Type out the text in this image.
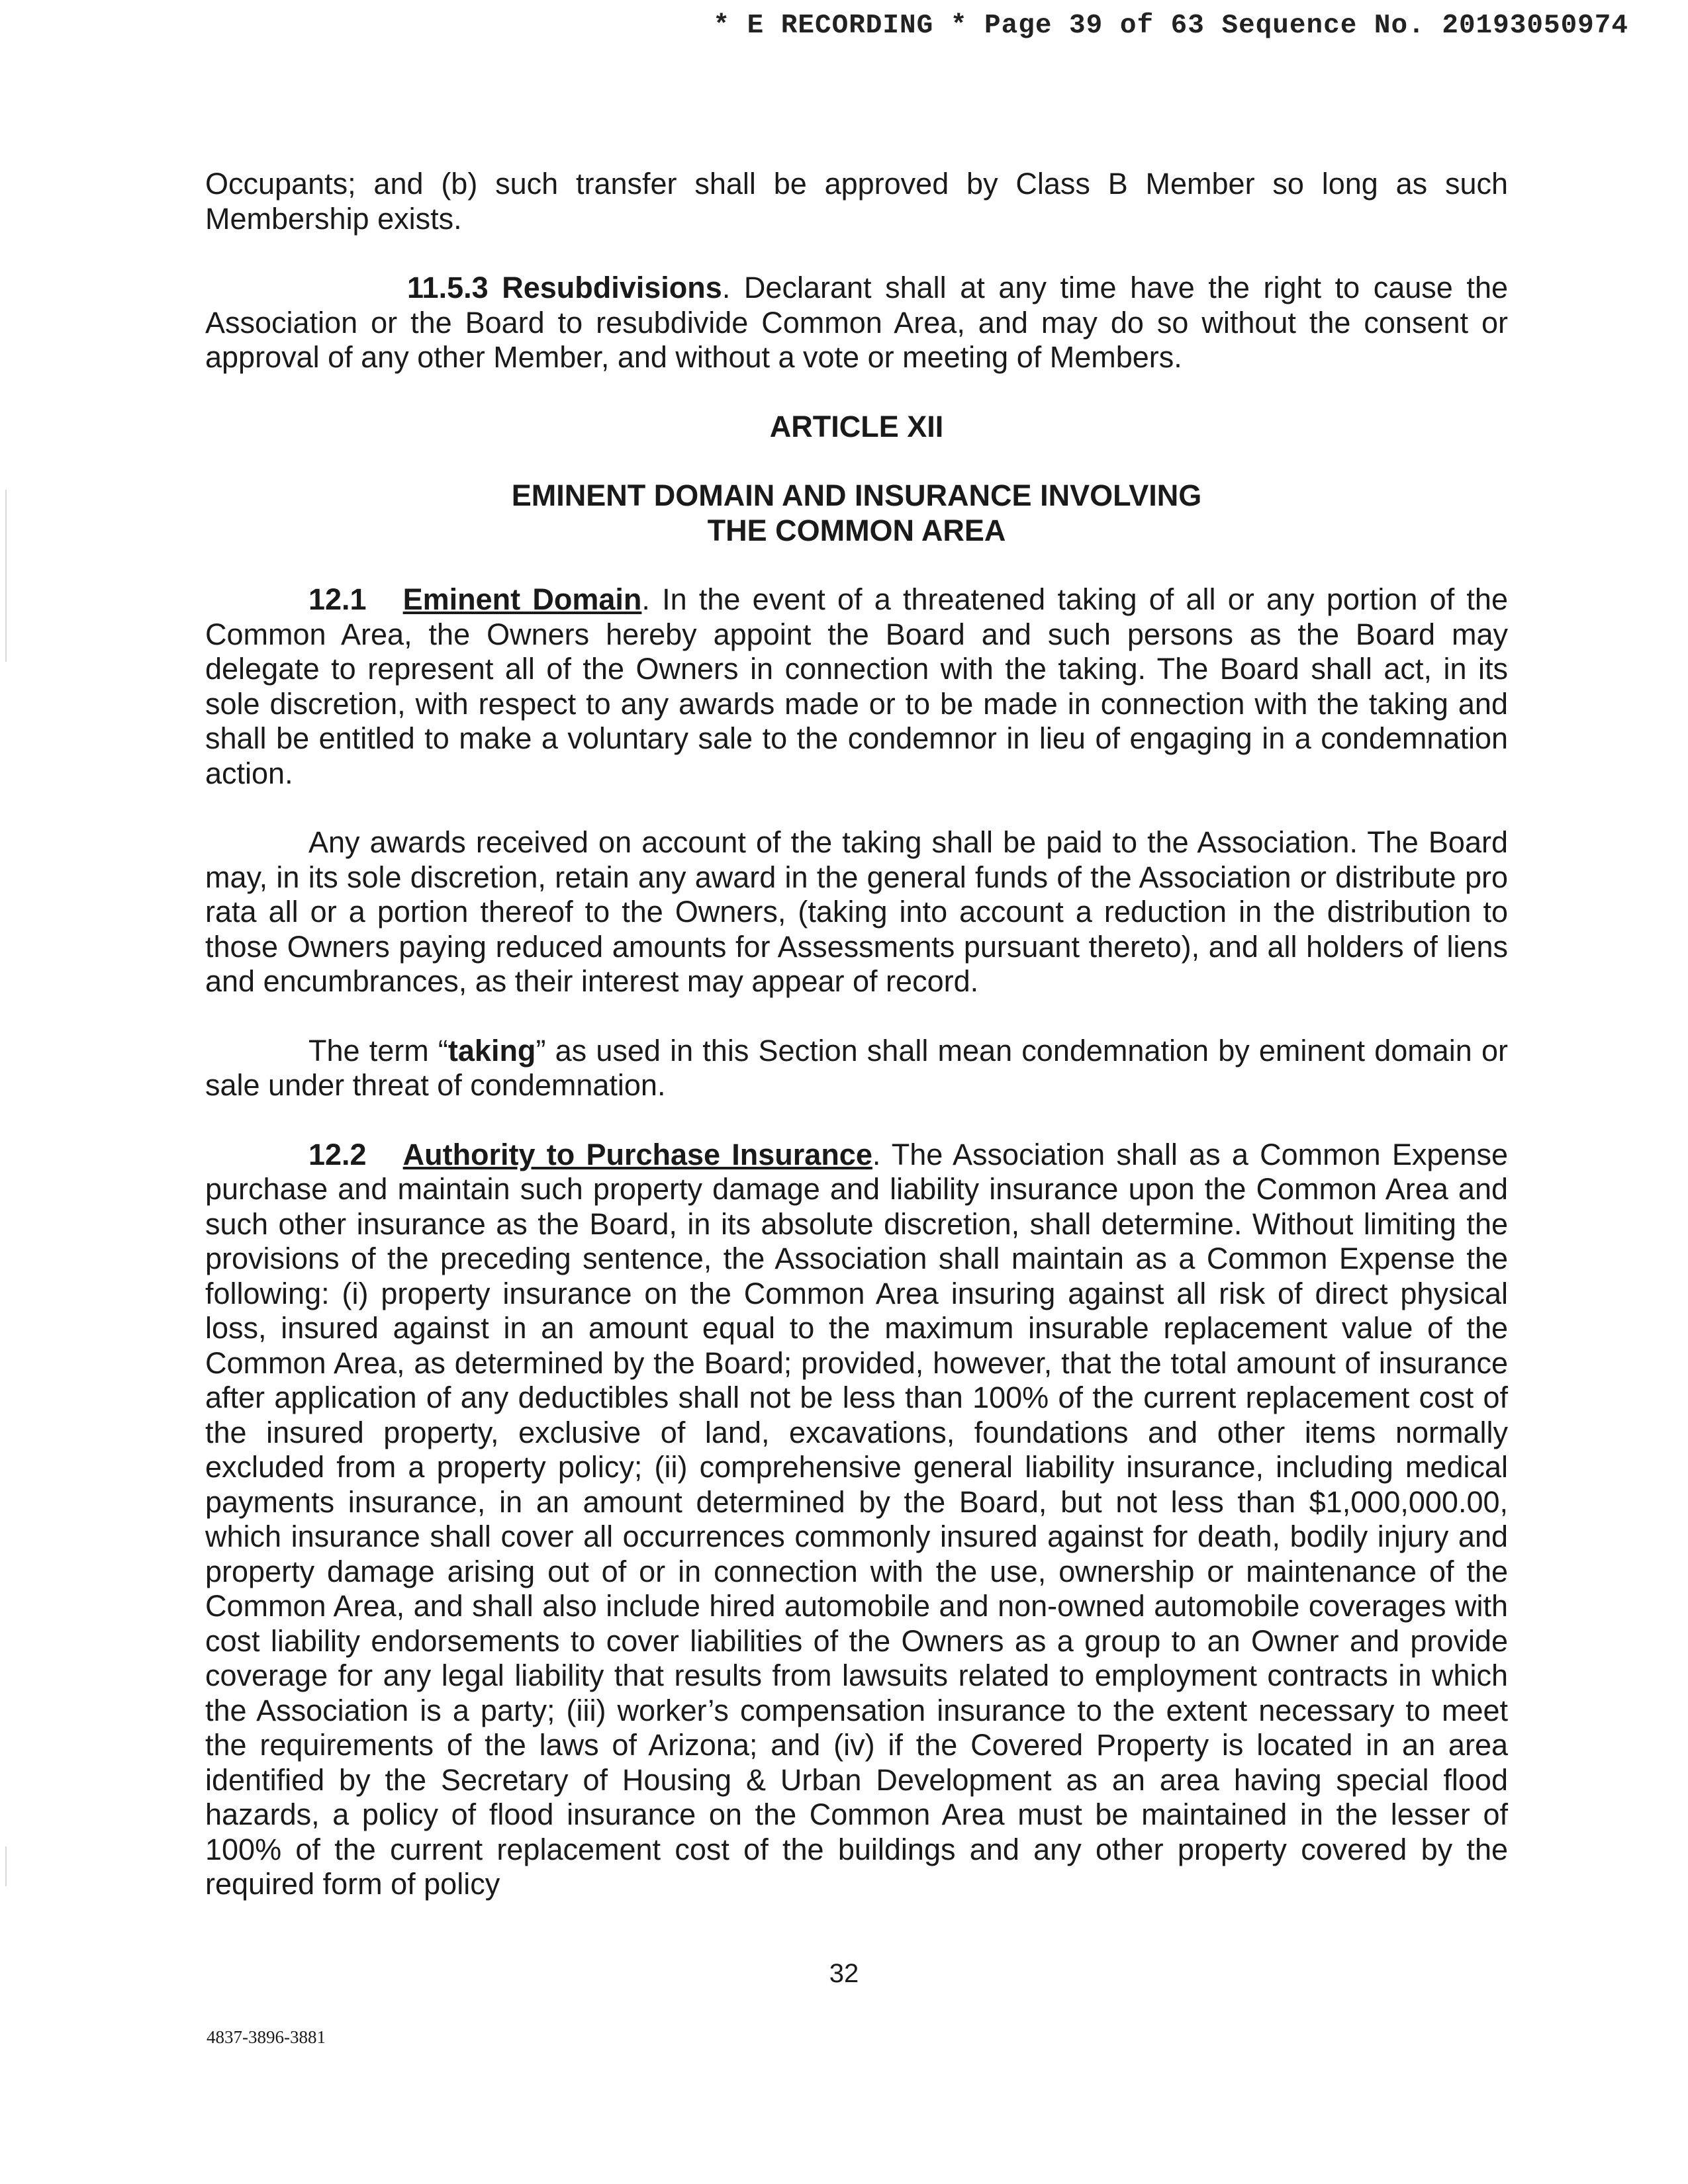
* E RECORDING * Page 39 of 63 Sequence No. 20193050974

Occupants; and (b) such transfer shall be approved by Class B Member so long as such Membership exists.

11.5.3 Resubdivisions. Declarant shall at any time have the right to cause the Association or the Board to resubdivide Common Area, and may do so without the consent or approval of any other Member, and without a vote or meeting of Members.

ARTICLE XII

EMINENT DOMAIN AND INSURANCE INVOLVING

THE COMMON AREA

12.1 Eminent Domain. In the event of a threatened taking of all or any portion of the Common Area, the Owners hereby appoint the Board and such persons as the Board may delegate to represent all of the Owners in connection with the taking. The Board shall act, in its sole discretion, with respect to any awards made or to be made in connection with the taking and shall be entitled to make a voluntary sale to the condemnor in lieu of engaging in a condemnation action.

Any awards received on account of the taking shall be paid to the Association. The Board may, in its sole discretion, retain any award in the general funds of the Association or distribute pro rata all or a portion thereof to the Owners, (taking into account a reduction in the distribution to those Owners paying reduced amounts for Assessments pursuant thereto), and all holders of liens and encumbrances, as their interest may appear of record.

The term “taking” as used in this Section shall mean condemnation by eminent domain or sale under threat of condemnation.

12.2 Authority to Purchase Insurance. The Association shall as a Common Expense purchase and maintain such property damage and liability insurance upon the Common Area and such other insurance as the Board, in its absolute discretion, shall determine. Without limiting the provisions of the preceding sentence, the Association shall maintain as a Common Expense the following: (i) property insurance on the Common Area insuring against all risk of direct physical loss, insured against in an amount equal to the maximum insurable replacement value of the Common Area, as determined by the Board; provided, however, that the total amount of insurance after application of any deductibles shall not be less than 100% of the current replacement cost of the insured property, exclusive of land, excavations, foundations and other items normally excluded from a property policy; (ii) comprehensive general liability insurance, including medical payments insurance, in an amount determined by the Board, but not less than $1,000,000.00, which insurance shall cover all occurrences commonly insured against for death, bodily injury and property damage arising out of or in connection with the use, ownership or maintenance of the Common Area, and shall also include hired automobile and non-owned automobile coverages with cost liability endorsements to cover liabilities of the Owners as a group to an Owner and provide coverage for any legal liability that results from lawsuits related to employment contracts in which the Association is a party; (iii) worker’s compensation insurance to the extent necessary to meet the requirements of the laws of Arizona; and (iv) if the Covered Property is located in an area identified by the Secretary of Housing & Urban Development as an area having special flood hazards, a policy of flood insurance on the Common Area must be maintained in the lesser of 100% of the current replacement cost of the buildings and any other property covered by the required form of policy

32
4837-3896-3881
